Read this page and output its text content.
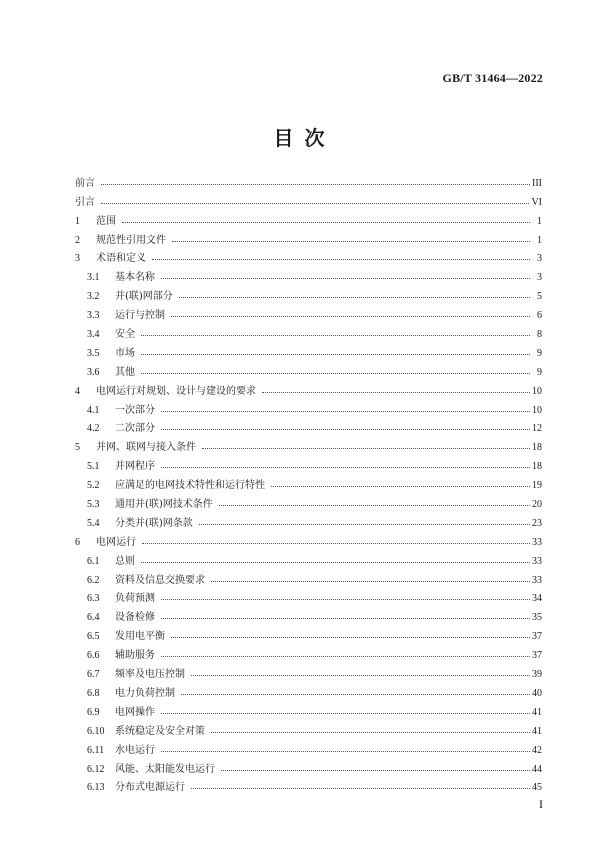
GB/T 31464—2022
目 次
前言	III
引言	VI
1	范围	1
2	规范性引用文件	1
3	术语和定义	3
3.1	基本名称	3
3.2	并(联)网部分	5
3.3	运行与控制	6
3.4	安全	8
3.5	市场	9
3.6	其他	9
4	电网运行对规划、设计与建设的要求	10
4.1	一次部分	10
4.2	二次部分	12
5	并网、联网与接入条件	18
5.1	并网程序	18
5.2	应满足的电网技术特性和运行特性	19
5.3	通用并(联)网技术条件	20
5.4	分类并(联)网条款	23
6	电网运行	33
6.1	总则	33
6.2	资料及信息交换要求	33
6.3	负荷预测	34
6.4	设备检修	35
6.5	发用电平衡	37
6.6	辅助服务	37
6.7	频率及电压控制	39
6.8	电力负荷控制	40
6.9	电网操作	41
6.10	系统稳定及安全对策	41
6.11	水电运行	42
6.12	风能、太阳能发电运行	44
6.13	分布式电源运行	45
I
